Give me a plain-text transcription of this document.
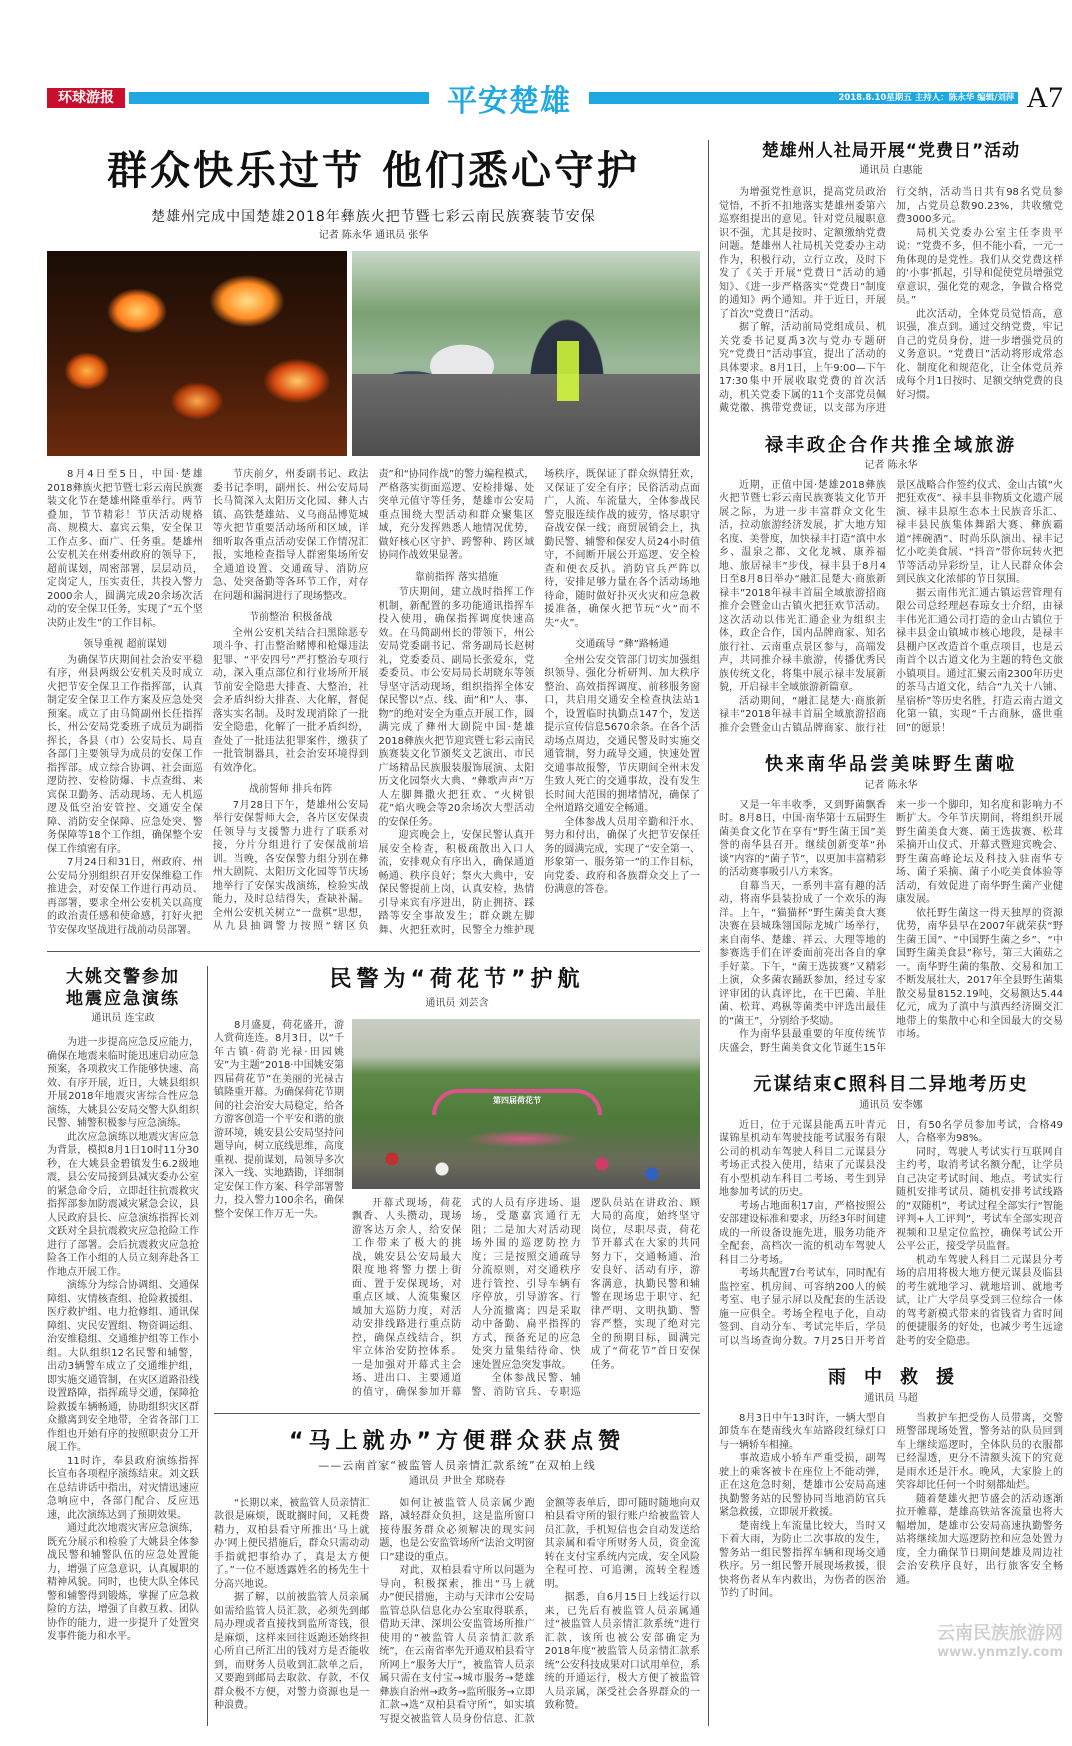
环球游报	平安楚雄	2018.8.10星期五 主持人：陈永华 编辑/刘萍 A7
群众快乐过节 他们悉心守护
楚雄州完成中国楚雄2018年彝族火把节暨七彩云南民族赛装节安保
记者 陈永华 通讯员 张华

8月4日至5日，中国·楚雄2018彝族火把节暨七彩云南民族赛装文化节在楚雄州隆重举行。两节叠加，节节精彩！节庆活动规格高、规模大、嘉宾云集，安全保卫工作点多、面广、任务重。楚雄州公安机关在州委州政府的领导下，超前谋划，周密部署，层层动员，定岗定人，压实责任，共投入警力2000余人，圆满完成20余场次活动的安全保卫任务，实现了“五个坚决防止发生”的工作目标。

领导重视 超前谋划

为确保节庆期间社会治安平稳有序，州县两级公安机关及时成立火把节安全保卫工作指挥部，认真制定安全保卫工作方案及应急处突预案。成立了由马简副州长任指挥长，州公安局党委班子成员为副指挥长，各县（市）公安局长、局直各部门主要领导为成员的安保工作指挥部。成立综合协调、社会面巡逻防控、安检防爆、卡点查缉、来宾保卫勤务、活动现场、无人机巡逻及低空治安管控、交通安全保障、消防安全保障、应急处突、警务保障等18个工作组，确保整个安保工作缜密有序。

7月24日和31日，州政府、州公安局分别组织召开安保维稳工作推进会，对安保工作进行再动员、再部署，要求全州公安机关以高度的政治责任感和使命感，打好火把节安保攻坚战进行战前动员部署。

节庆前夕，州委副书记、政法委书记李明，副州长、州公安局局长马简深入太阳历文化园、彝人古镇、高铁楚雄站、义乌商品博览城等火把节重要活动场所和区域，详细听取各重点活动安保工作情况汇报，实地检查指导人群密集场所安全通道设置、交通疏导、消防应急、处突备勤等各环节工作，对存在问题和漏洞进行了现场整改。

节前整治 积极备战

全州公安机关结合扫黑除恶专项斗争、打击整治赌博和枪爆违法犯罪、“平安四号”严打整治专项行动，深入重点部位和行业场所开展节前安全隐患大排查、大整治，社会矛盾纠纷大排查、大化解，督促落实实名制。及时发现消除了一批安全隐患，化解了一批矛盾纠纷，查处了一批违法犯罪案件，缴获了一批管制器具，社会治安环境得到有效净化。

战前誓师 排兵布阵

7月28日下午，楚雄州公安局举行安保誓师大会，各片区安保责任领导与支援警力进行了联系对接，分片分组进行了安保战前培训。当晚，各安保警力组分别在彝州大剧院、太阳历文化园等节庆场地举行了安保实战演练，检验实战能力，及时总结得失，查缺补漏。全州公安机关树立“一盘棋”思想，从九县抽调警力按照“辖区负责”和“协同作战”的警力编程模式，严格落实街面巡逻、安检排爆、处突单元值守等任务，楚雄市公安局重点围绕大型活动和群众聚集区域，充分发挥熟悉人地情况优势，做好核心区守护、跨警种、跨区域协同作战效果显著。

靠前指挥 落实措施

节庆期间，建立战时指挥工作机制，新配置的多功能通讯指挥车投入使用，确保指挥调度快速高效。在马简副州长的带领下，州公安局党委副书记、常务副局长赵树礼，党委委员、副局长张爱东，党委委员、市公安局局长胡晓东等领导坚守活动现场，组织指挥全体安保民警以“点、线、面”和“人、事、物”的绝对安全为重点开展工作，圆满完成了彝州大剧院中国·楚雄2018彝族火把节迎宾暨七彩云南民族赛装文化节颁奖文艺演出、市民广场精品民族服装服饰展演、太阳历文化园祭火大典、“彝歌声声”万人左脚舞撒火把狂欢、“火树银花”焰火晚会等20余场次大型活动的安保任务。

迎宾晚会上，安保民警认真开展安全检查，积极疏散出入口人流，安排观众有序出入，确保通道畅通、秩序良好；祭火大典中，安保民警提前上岗，认真安检，热情引导来宾有序进出，防止拥挤、踩踏等安全事故发生；群众跳左脚舞、火把狂欢时，民警全力维护现场秩序，既保证了群众纵情狂欢，又保证了安全有序；民俗活动点面广，人流、车流量大，全体参战民警克服连续作战的疲劳，恪尽职守奋战安保一线；商贸展销会上，执勤民警、辅警和保安人员24小时值守，不间断开展公开巡逻、安全检查和便衣反扒。消防官兵严阵以待，安排足够力量在各个活动场地待命，随时做好扑灭火灾和应急救援准备，确保火把节玩“火”而不失“火”。

交通疏导 “彝”路畅通

全州公安交管部门切实加强组织领导、强化分析研判、加大秩序整治、高效指挥调度、前移服务窗口，共启用交通安全检查执法站1个，设置临时执勤点147个，发送提示宣传信息5670余条。在各个活动场点周边，交通民警及时实施交通管制，努力疏导交通，快速处置交通事故报警，节庆期间全州未发生致人死亡的交通事故，没有发生长时间大范围的拥堵情况，确保了全州道路交通安全畅通。

全体参战人员用辛勤和汗水、努力和付出，确保了火把节安保任务的圆满完成，实现了“安全第一、形象第一、服务第一”的工作目标，向党委、政府和各族群众交上了一份满意的答卷。

大姚交警参加
地震应急演练
通讯员 连宝政

为进一步提高应急反应能力，确保在地震来临时能迅速启动应急预案，各项救灾工作能够快速、高效、有序开展，近日，大姚县组织开展2018年地震灾害综合性应急演练，大姚县公安局交警大队组织民警、辅警积极参与应急演练。

此次应急演练以地震灾害应急为背景，模拟8月1日10时11分30秒，在大姚县金碧镇发生6.2级地震，县公安局接到县减灾委办公室的紧急命令后，立即赶往抗震救灾指挥部参加防震减灾紧急会议，县人民政府县长、应急演练指挥长刘文跃对全县抗震救灾应急抢险工作进行了部署。会后抗震救灾应急抢险各工作小组的人员立刻奔赴各工作地点开展工作。

演练分为综合协调组、交通保障组、灾情核查组、抢险救援组、医疗救护组、电力抢修组、通讯保障组、灾民安置组、物资调运组、治安维稳组、交通维护组等工作小组。大队组织12名民警和辅警，出动3辆警车成立了交通维护组，即实施交通管制，在灾区道路沿线设置路障，指挥疏导交通，保障抢险救援车辆畅通，协助组织灾区群众撤离到安全地带，全省各部门工作组也开始有序的按照职责分工开展工作。

11时许，奉县政府演练指挥长宣布各项程序演练结束。刘文跃在总结讲话中指出，对灾情迅速应急响应中，各部门配合、反应迅速，此次演练达到了预期效果。

通过此次地震灾害应急演练，既充分展示和检验了大姚县全体参战民警和辅警队伍的应急处置能力，增强了应急意识，认真履职的精神风貌。同时，也使大队全体民警和辅警得到锻炼，掌握了应急救险的方法，增强了自救互救、团队协作的能力，进一步提升了处置突发事件能力和水平。

民警为“荷花节”护航
通讯员 刘芸含

8月盛夏，荷花盛开，游人赏荷连连。8月3日，以“千年古镇·荷韵光禄·田园姚安”为主题“2018·中国姚安第四届荷花节”在美丽的光禄古镇隆重开幕。为确保荷花节期间的社会治安大局稳定，给各方游客创造一个平安和谐的旅游环境，姚安县公安局坚持问题导向，树立底线思维，高度重视、提前谋划，局领导多次深入一线、实地踏勘，详细制定安保工作方案、科学部署警力，投入警力100余名，确保整个安保工作万无一失。

第四届荷花节

开幕式现场，荷花飘香、人头攒动，现场游客达万余人，给安保工作带来了极大的挑战，姚安县公安局最大限度地将警力摆上街面、置于安保现场，对重点区域、人流集聚区域加大巡防力度，对活动安排线路进行重点防控，确保点线结合，织牢立体治安防控体系。一是加强对开幕式主会场、进出口、主要通道的值守，确保参加开幕式的人员有序进场、退场，受邀嘉宾通行无阻；二是加大对活动现场外围的巡逻防控力度；三是按照交通疏导分流原则，对交通秩序进行管控、引导车辆有序停放，引导游客、行人分流撤离；四是采取动中备勤、扁平指挥的方式，预备充足的应急处突力量集结待命、快速处置应急突发事故。

全体参战民警、辅警、消防官兵、专职巡逻队员站在讲政治、顾大局的高度，始终坚守岗位，尽职尽责，荷花节开幕式在大家的共同努力下，交通畅通、治安良好、活动有序，游客满意，执勤民警和辅警在现场忠于职守、纪律严明、文明执勤、警容严整，实现了绝对完全的预期目标，圆满完成了“荷花节”首日安保任务。

“马上就办”方便群众获点赞
——云南首家“被监管人员亲情汇款系统”在双柏上线
通讯员 尹世全 郑晓春

“长期以来，被监管人员亲情汇款很是麻烦，既耽搁时间，又耗费精力，双柏县看守所推出‘马上就办’网上便民措施后，群众只需动动手指就把事给办了，真是太方便了。”一位不愿透露姓名的杨先生十分高兴地说。

据了解，以前被监管人员亲属如需给监管人员汇款，必须先到邮局办理或者直接找到监所寄钱，很是麻烦，这样来回往返跑还始终担心所自己所汇出的钱对方是否能收到，而财务人员收到汇款单之后，又要跑到邮局去取款、存款，不仅群众极不方便，对警力资源也是一种浪费。

如何让被监管人员亲属少跑路，减轻群众负担，这是监所窗口接待服务群众必须解决的现实问题，也是公安监管场所“法治文明窗口”建设的重点。

对此，双柏县看守所以问题为导向，积极探索，推出“马上就办”便民措施，主动与天津市公安局监管总队信息化办公室取得联系，借助天津、深圳公安监管场所推广使用的“被监管人员亲情汇款系统”，在云南省率先开通双柏县看守所网上“服务大厅”，被监管人员亲属只需在支付宝→城市服务→楚雄彝族自治州→政务→监所服务→立即汇款→选“双柏县看守所”，如实填写提交被监管人员身份信息、汇款金额等表单后，即可随时随地向双柏县看守所的银行账户给被监管人员汇款，手机短信也会自动发送给其亲属和看守所财务人员，资金流转在支付宝系统内完成，安全风险全程可控、可追溯，流转全程透明。

据悉，自6月15日上线运行以来，已先后有被监管人员亲属通过“被监管人员亲情汇款系统”进行汇款，该所也被公安部确定为2018年度“被监管人员亲情汇款系统”公安科技成果对口试用单位，系统的开通运行，极大方便了被监管人员亲属，深受社会各界群众的一致称赞。

楚雄州人社局开展“党费日”活动
通讯员 白惠能

为增强党性意识，提高党员政治觉悟，不折不扣地落实楚雄州委第六巡察组提出的意见。针对党员履职意识不强，尤其是按时、定额缴纳党费问题。楚雄州人社局机关党委办主动作为，积极行动，立行立改，及时下发了《关于开展“党费日”活动的通知》、《进一步严格落实“党费日”制度的通知》两个通知。并于近日，开展了首次“党费日”活动。

据了解，活动前局党组成员、机关党委书记夏禹3次与党办专题研究“党费日”活动事宜，提出了活动的具体要求。8月1日，上午9:00—下午17:30集中开展收取党费的首次活动，机关党委下属的11个支部党员佩戴党徽、携带党费证，以支部为序进行交纳，活动当日共有98名党员参加，占党员总数90.23%，共收缴党费3000多元。

局机关党委办公室主任李贵平说：“党费不多，但不能小看，一元一角体现的是党性。我们从交党费这样的‘小事’抓起，引导和促使党员增强党章意识，强化党的观念，争做合格党员。”

此次活动，全体党员觉悟高，意识强，准点到。通过交纳党费，牢记自己的党员身份，进一步增强党员的义务意识。“党费日”活动将形成常态化、制度化和规范化，让全体党员养成每个月1日按时、足额交纳党费的良好习惯。

禄丰政企合作共推全域旅游
记者 陈永华

近期，正值中国·楚雄2018彝族火把节暨七彩云南民族赛装文化节开展之际，为进一步丰富群众文化生活，拉动旅游经济发展，扩大地方知名度、美誉度，加快禄丰打造“滇中水乡、温泉之都、文化龙城、康养福地、旅居禄丰”步伐，禄丰县于8月4日至8月8日举办“融汇昆楚大·商旅新禄丰”2018年禄丰首届全域旅游招商推介会暨金山古镇火把狂欢节活动。这次活动以伟光汇通企业为组织主体，政企合作，国内品牌商家、知名旅行社、云南重点景区参与，高端发声，共同推介禄丰旅游，传播优秀民族传统文化，将集中展示禄丰发展新貌，开启禄丰全域旅游新篇章。

活动期间，“融汇昆楚大·商旅新禄丰”2018年禄丰首届全域旅游招商推介会暨金山古镇品牌商家、旅行社景区战略合作签约仪式、金山古镇“火把狂欢夜”、禄丰县非物质文化遗产展演、禄丰县原生态本土民族音乐汇、禄丰县民族集体舞蹈大赛、彝族霸道“摔碗酒”、时尚乐队演出、禄丰记忆小吃美食展、“抖音”带你玩转火把节等活动异彩纷呈，让人民群众体会到民族文化浓郁的节日氛围。

据云南伟光汇通古镇运营管理有限公司总经理赵春琼女士介绍，由禄丰伟光汇通公司打造的金山古镇位于禄丰县金山镇城市核心地段，是禄丰县棚户区改造首个重点项目，也是云南首个以古道文化为主题的特色文旅小镇项目。通过汇聚云南2300年历史的茶马古道文化，结合“九关十八铺、星宿桥”等历史名胜，打造云南古道文化第一镇，实现“千古商脉，盛世重回”的愿景！

快来南华品尝美味野生菌啦
记者 陈永华

又是一年丰收季，又到野菌飘香时。8月8日，中国·南华第十五届野生菌美食文化节在享有“野生菌王国”美誉的南华县召开。继续创新变革“孙谈”内容的“菌子节”，以更加丰富精彩的活动赛事吸引八方来客。

自幕当天，一系列丰富有趣的活动，将南华县装扮成了一个欢乐的海洋。上午，“猫猫杯”野生菌美食大赛决赛在县城珠翎国际龙城广场举行，来自南华、楚雄、祥云、大理等地的参赛选手们在评委面前亮出各自的拿手好菜。下午，“菌王选拔赛”又精彩上演，众多菌农踊跃参加，经过专家评审团的认真评比，在干巴菌、羊肚菌、松茸、鸡枞等菌类中评选出最佳的“菌王”，分别给予奖励。

作为南华县最重要的年度传统节庆盛会，野生菌美食文化节诞生15年来一步一个脚印，知名度和影响力不断扩大。今年节庆期间，将组织开展野生菌美食大赛、菌王选拔赛、松茸采摘开山仪式、开幕式暨迎宾晚会、野生菌高峰论坛及科技入驻南华专场、菌子采摘、菌子小吃美食体验等活动，有效促进了南华野生菌产业健康发展。

依托野生菌这一得天独厚的资源优势，南华县早在2007年就荣获“野生菌王国”、“中国野生菌之乡”、“中国野生菌美食县”称号，第三大菌菇之一。南华野生菌的集散、交易和加工不断发展壮大，2017年全县野生菌集散交易量8152.19吨，交易额达5.44亿元，成为了滇中与滇西经济圈交汇地带上的集散中心和全国最大的交易市场。

元谋结束C照科目二异地考历史
通讯员 安李娜

近日，位于元谋县能禹五叶青元谋锦星机动车驾驶技能考试服务有限公司的机动车驾驶人科目二元谋县分考场正式投入使用，结束了元谋县没有小型机动车科目二考场、考生到异地参加考试的历史。

考场占地面积17亩，严格按照公安部建设标准和要求，历经3年时间建成的一所设备设施先进，服务功能齐全配套，高档次一流的机动车驾驶人科目二分考场。

考场共配置7台考试车，同时配有监控室、机房间、可容纳200人的候考室、电子显示屏以及配套的生活设施一应俱全。考场全程电子化，自动签到、自动分车、考试完毕后，学员可以当场查询分数。7月25日开考首日，有50名学员参加考试，合格49人，合格率为98%。

同时，驾驶人考试实行互联网自主约考，取消考试名额分配，让学员自己决定考试时间、地点。考试实行随机安排考试员、随机安排考试线路的“双随机”，考试过程全部实行“智能评判+人工评判”，考试车全部实现音视频和卫星定位监控，确保考试公开公平公正，接受学员监督。

机动车驾驶人科目二元谋县分考场的启用将极大地方便元谋县及临县的考生就地学习、就地培训、就地考试，让广大学员享受到三位综合一体的驾考新模式带来的省钱省力省时间的便捷服务的好处，也减少考生远途赴考的安全隐患。

雨　中　救　援
通讯员 马超

8月3日中午13时许，一辆大型自卸货车在楚南线火车站路段红绿灯口与一辆轿车相撞。

事故造成小轿车严重受损，副驾驶上的乘客被卡在座位上不能动弹，正在这危急时刻，楚雄市公安局高速执勤警务站的民警协同当地消防官兵紧急救援，立即展开救援。

楚南线上车流量比较大，当时又下着大雨，为防止二次事故的发生，警务站一组民警指挥车辆和现场交通秩序。另一组民警开展现场救援，很快将伤者从车内救出，为伤者的医治节约了时间。

当救护车把受伤人员带离，交警班警部现场处置，警务站的队员回到车上继续巡逻时，全体队员的衣服都已经湿透，更分不清额头流下的究竟是雨水还是汗水。晚风，大家脸上的笑容却比任何一个时刻都灿烂。

随着楚雄火把节盛会的活动逐渐拉开帷幕，楚雄高铁站客流量也将大幅增加，楚雄市公安局高速执勤警务站将继续加大巡逻防控和应急处置力度，全力确保节日期间楚雄及周边社会治安秩序良好，出行旅客安全畅通。

云南民族旅游网
www.ynmzly.com
